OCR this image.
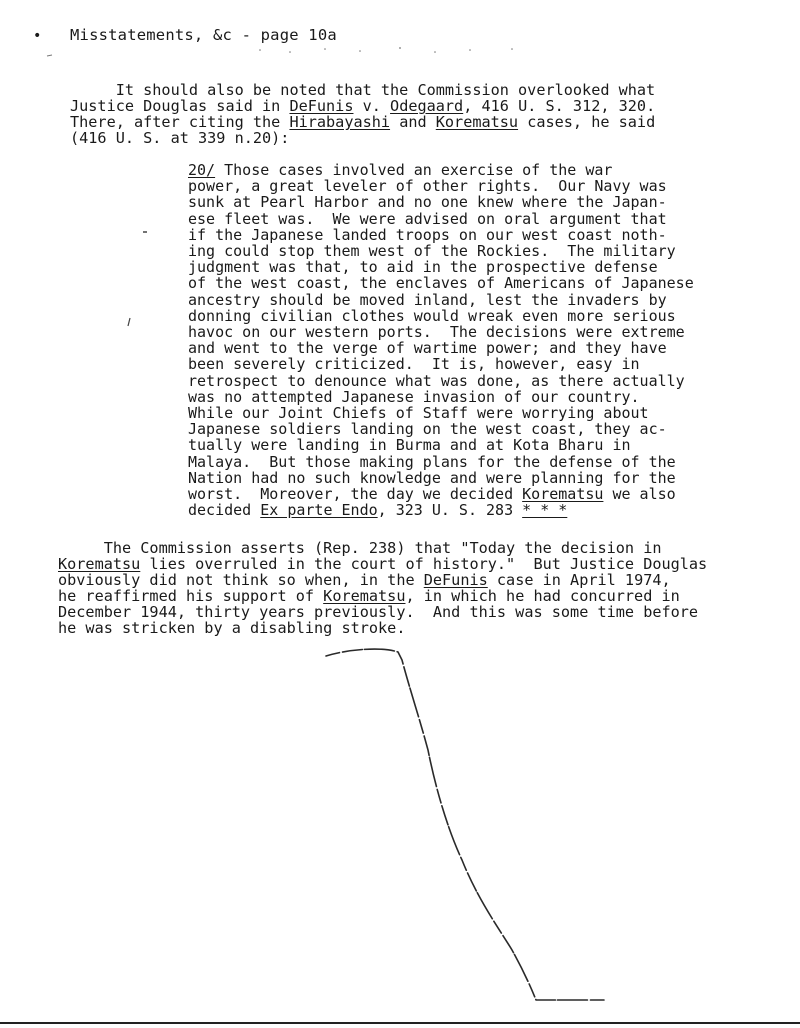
• Misstatements, &c - page 10a
It should also be noted that the Commission overlooked what
Justice Douglas said in DeFunis v. Odegaard, 416 U. S. 312, 320.
There, after citing the Hirabayashi and Korematsu cases, he said
(416 U. S. at 339 n.20):
20/ Those cases involved an exercise of the war
power, a great leveler of other rights.  Our Navy was
sunk at Pearl Harbor and no one knew where the Japan-
ese fleet was.  We were advised on oral argument that
if the Japanese landed troops on our west coast noth-
ing could stop them west of the Rockies.  The military
judgment was that, to aid in the prospective defense
of the west coast, the enclaves of Americans of Japanese
ancestry should be moved inland, lest the invaders by
donning civilian clothes would wreak even more serious
havoc on our western ports.  The decisions were extreme
and went to the verge of wartime power; and they have
been severely criticized.  It is, however, easy in
retrospect to denounce what was done, as there actually
was no attempted Japanese invasion of our country.
While our Joint Chiefs of Staff were worrying about
Japanese soldiers landing on the west coast, they ac-
tually were landing in Burma and at Kota Bharu in
Malaya.  But those making plans for the defense of the
Nation had no such knowledge and were planning for the
worst.  Moreover, the day we decided Korematsu we also
decided Ex parte Endo, 323 U. S. 283 * * *
The Commission asserts (Rep. 238) that "Today the decision in
Korematsu lies overruled in the court of history."  But Justice Douglas
obviously did not think so when, in the DeFunis case in April 1974,
he reaffirmed his support of Korematsu, in which he had concurred in
December 1944, thirty years previously.  And this was some time before
he was stricken by a disabling stroke.
